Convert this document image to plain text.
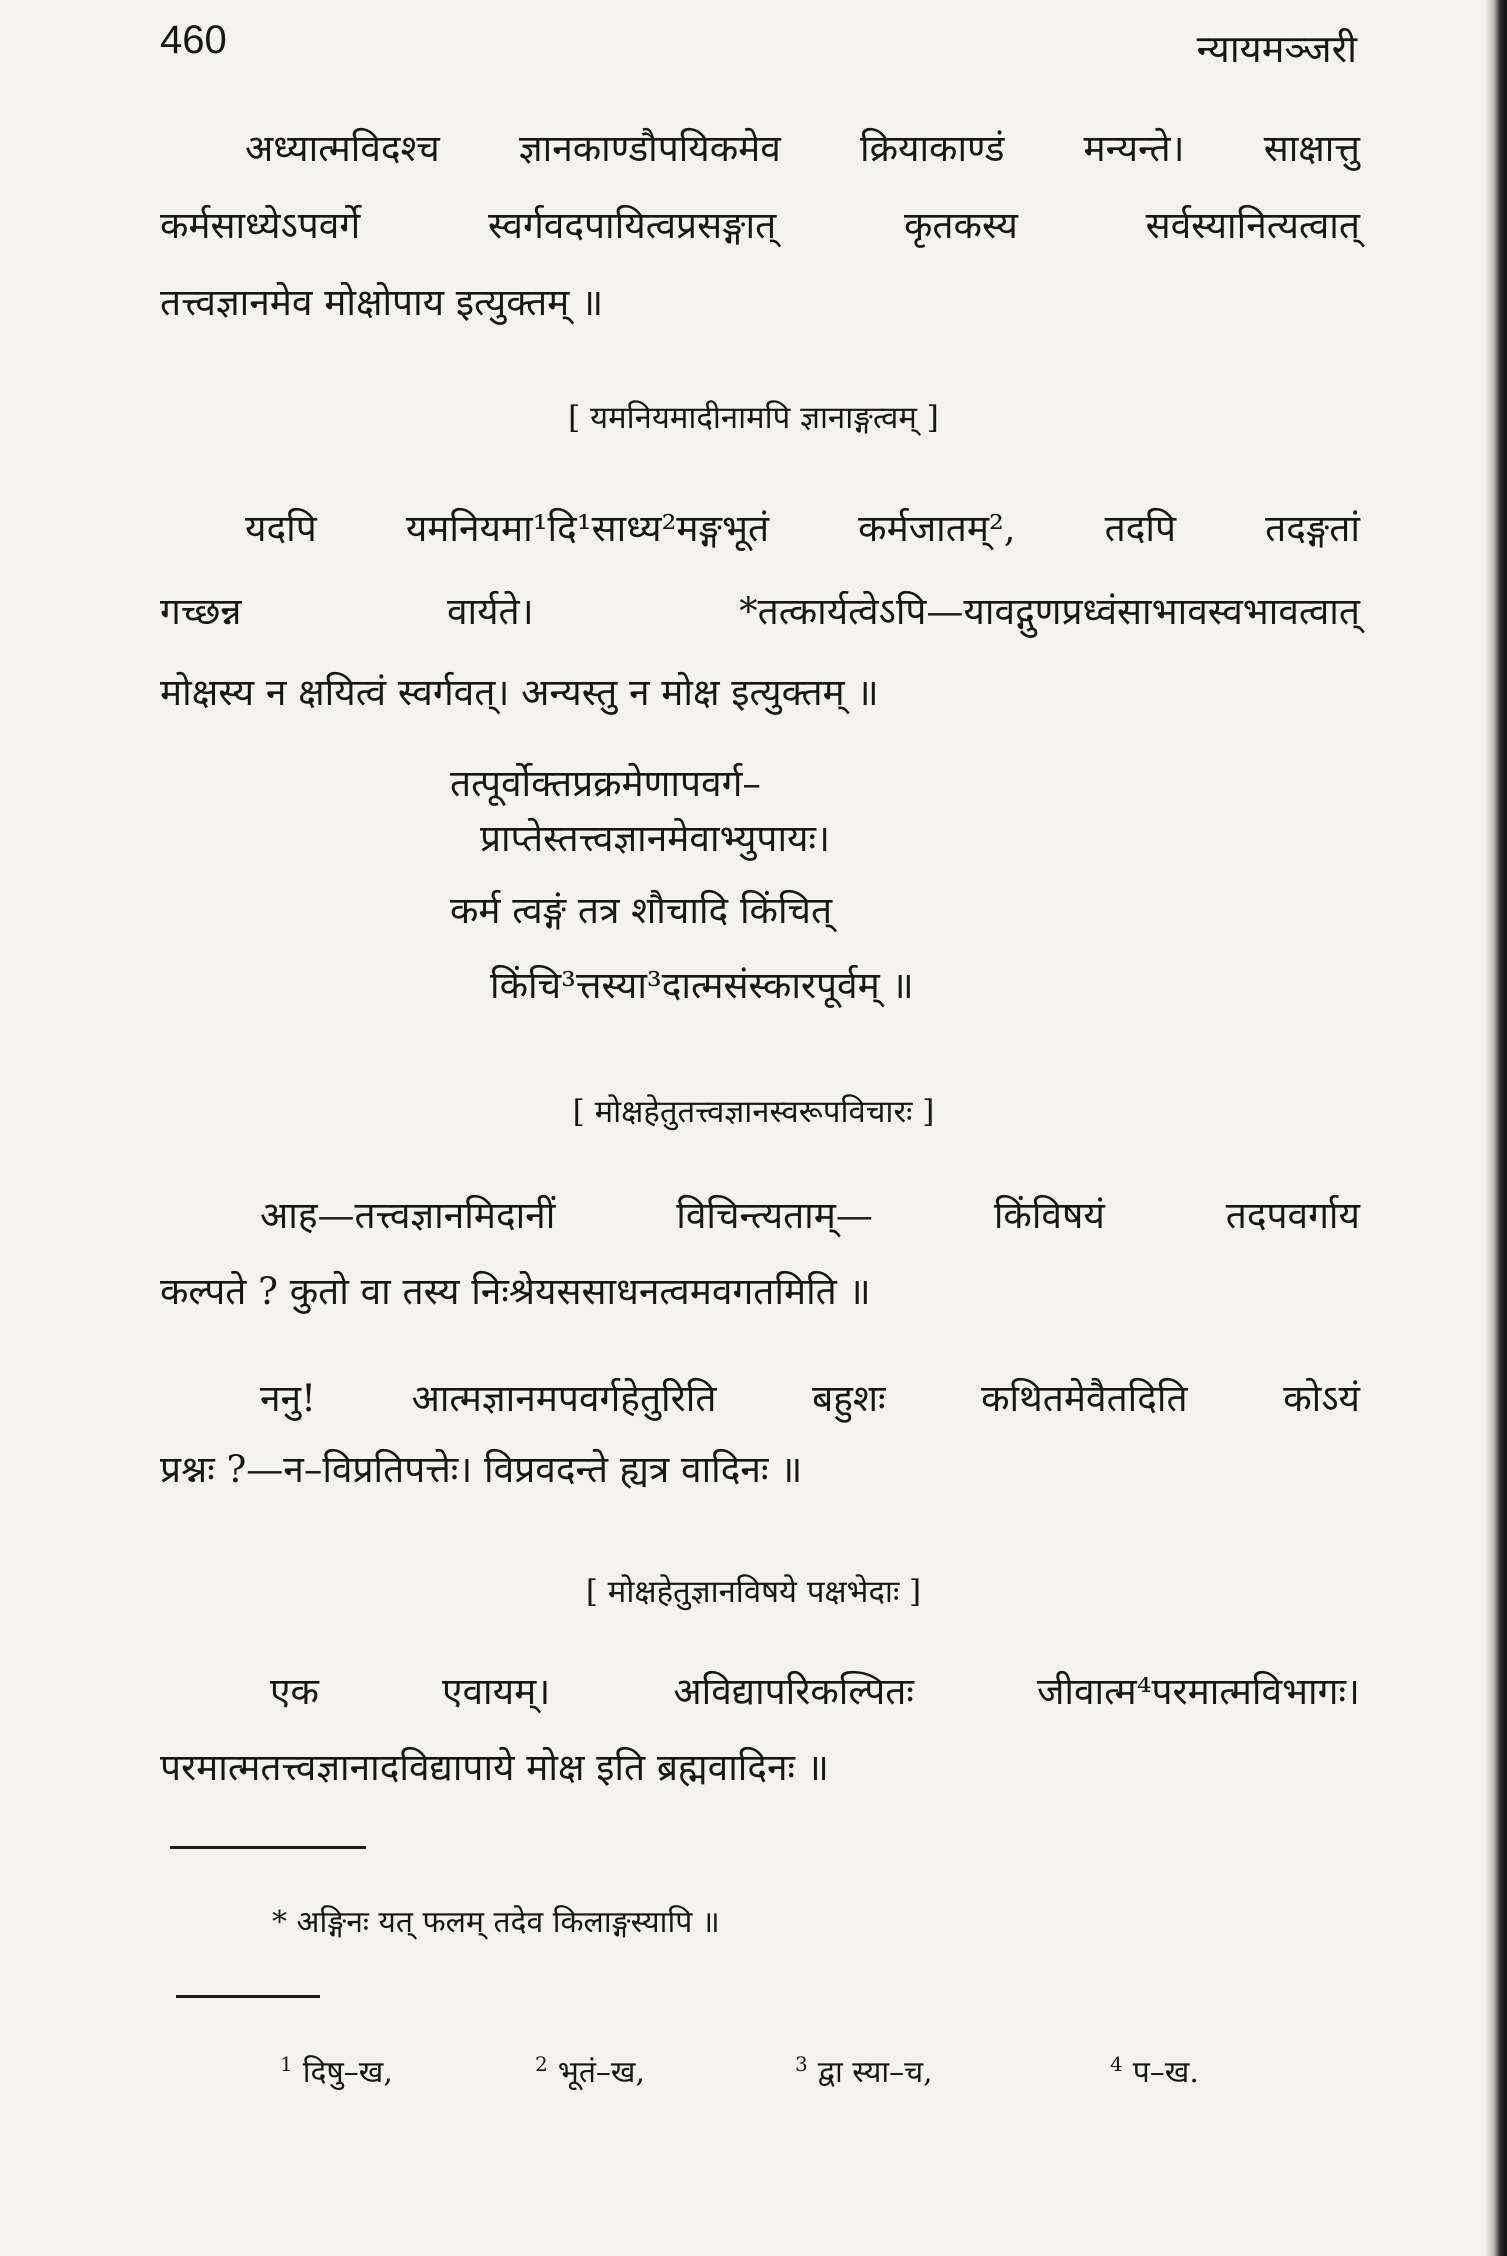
460	न्यायमञ्जरी
अध्यात्मविदश्च ज्ञानकाण्डौपयिकमेव क्रियाकाण्डं मन्यन्ते। साक्षात्तु
कर्मसाध्येऽपवर्गे	स्वर्गवदपायित्वप्रसङ्गात्	कृतकस्य	सर्वस्यानित्यत्वात्
तत्त्वज्ञानमेव मोक्षोपाय इत्युक्तम् ॥
[ यमनियमादीनामपि ज्ञानाङ्गत्वम् ]
यदपि यमनियमा¹दि¹साध्य²मङ्गभूतं कर्मजातम्², तदपि तदङ्गतां
गच्छन्न	वार्यते।	*तत्कार्यत्वेऽपि—यावद्गुणप्रध्वंसाभावस्वभावत्वात्
मोक्षस्य न क्षयित्वं स्वर्गवत्। अन्यस्तु न मोक्ष इत्युक्तम् ॥
तत्पूर्वोक्तप्रक्रमेणापवर्ग–
प्राप्तेस्तत्त्वज्ञानमेवाभ्युपायः।
कर्म त्वङ्गं तत्र शौचादि किंचित्
किंचि³त्तस्या³दात्मसंस्कारपूर्वम् ॥
[ मोक्षहेतुतत्त्वज्ञानस्वरूपविचारः ]
आह—तत्त्वज्ञानमिदानीं	विचिन्त्यताम्—	किंविषयं	तदपवर्गाय
कल्पते ? कुतो वा तस्य निःश्रेयससाधनत्वमवगतमिति ॥
ननु!	आत्मज्ञानमपवर्गहेतुरिति	बहुशः	कथितमेवैतदिति	कोऽयं
प्रश्नः ?—न–विप्रतिपत्तेः। विप्रवदन्ते ह्यत्र वादिनः ॥
[ मोक्षहेतुज्ञानविषये पक्षभेदाः ]
एक	एवायम्।	अविद्यापरिकल्पितः	जीवात्म⁴परमात्मविभागः।
परमात्मतत्त्वज्ञानादविद्यापाये मोक्ष इति ब्रह्मवादिनः ॥
* अङ्गिनः यत् फलम् तदेव किलाङ्गस्यापि ॥
$^1$ दिषु–ख,	$^2$ भूतं–ख,	$^3$ द्वा स्या–च,	$^4$ प–ख.
